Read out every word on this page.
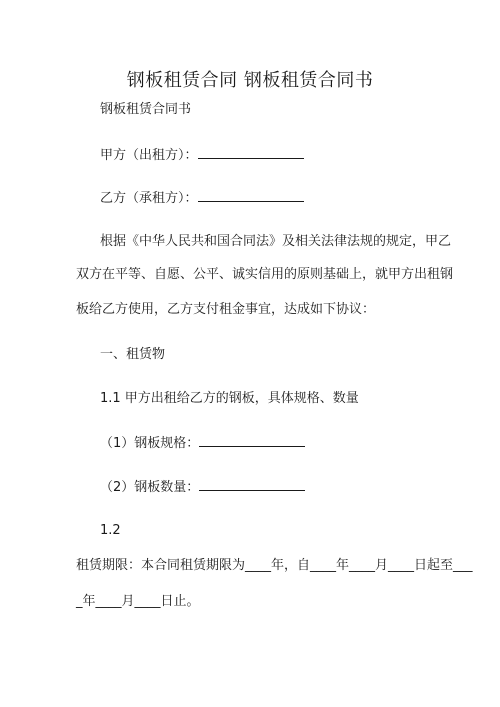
钢板租赁合同 钢板租赁合同书
钢板租赁合同书
甲方（出租方）：
乙方（承租方）：
根据《中华人民共和国合同法》及相关法律法规的规定，甲乙
双方在平等、自愿、公平、诚实信用的原则基础上，就甲方出租钢
板给乙方使用，乙方支付租金事宜，达成如下协议：
一、租赁物
1.1 甲方出租给乙方的钢板，具体规格、数量
（1）钢板规格：
（2）钢板数量：
1.2
租赁期限：本合同租赁期限为____年，自____年____月____日起至___
_年____月____日止。
